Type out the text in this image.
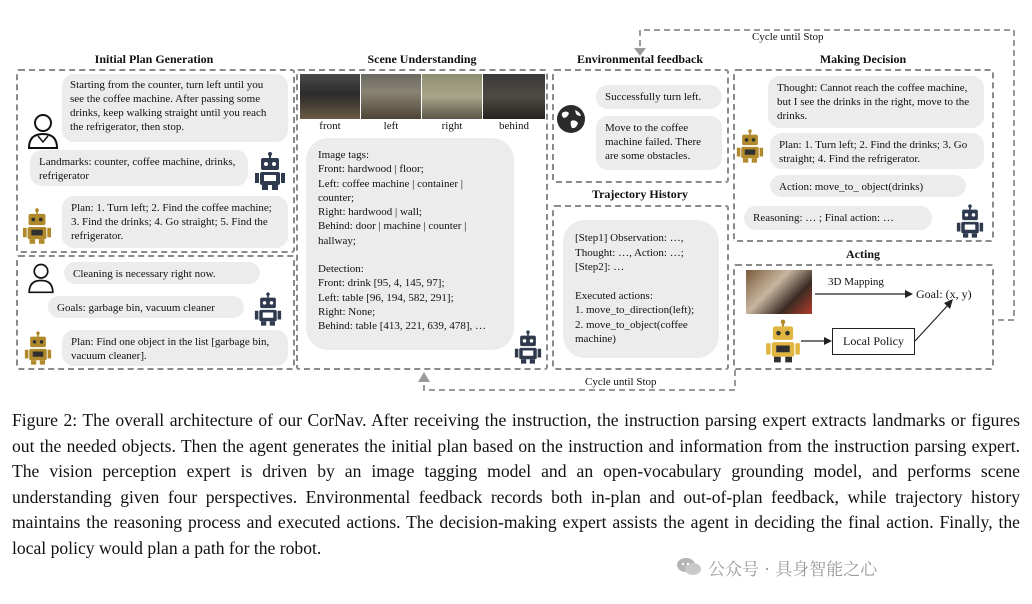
Cycle until Stop
Cycle until Stop
Initial Plan Generation
Starting from the counter, turn left until you see the coffee machine. After passing some drinks, keep walking straight until you reach the refrigerator, then stop.
Landmarks: counter, coffee machine, drinks, refrigerator
Plan: 1. Turn left; 2. Find the coffee machine; 3. Find the drinks; 4. Go straight; 5. Find the refrigerator.
Cleaning is necessary right now.
Goals: garbage bin, vacuum cleaner
Plan: Find one object in the list [garbage bin, vacuum cleaner].
Scene Understanding
front	left	right	behind
Image tags:
Front: hardwood | floor;
Left: coffee machine | container |
counter;
Right: hardwood | wall;
Behind: door | machine | counter |
hallway;
Detection:
Front: drink [95, 4, 145, 97];
Left: table [96, 194, 582, 291];
Right: None;
Behind: table [413, 221, 639, 478], …
Environmental feedback
Successfully turn left.
Move to the coffee machine failed. There are some obstacles.
Trajectory History
[Step1] Observation: …,
Thought: …, Action: …;
[Step2]: …
Executed actions:
1. move_to_direction(left);
2. move_to_object(coffee
machine)
Making Decision
Thought: Cannot reach the coffee machine, but I see the drinks in the right, move to the drinks.
Plan: 1. Turn left; 2. Find the drinks; 3. Go straight; 4. Find the refrigerator.
Action: move_to_ object(drinks)
Reasoning: … ; Final action: …
Acting
3D Mapping
Goal: (x, y)
Local Policy
Figure 2: The overall architecture of our CorNav. After receiving the instruction, the instruction parsing expert extracts landmarks or figures out the needed objects. Then the agent generates the initial plan based on the instruction and information from the instruction parsing expert. The vision perception expert is driven by an image tagging model and an open-vocabulary grounding model, and performs scene understanding given four perspectives. Environmental feedback records both in-plan and out-of-plan feedback, while trajectory history maintains the reasoning process and executed actions. The decision-making expert assists the agent in deciding the final action. Finally, the local policy would plan a path for the robot.
公众号 · 具身智能之心
